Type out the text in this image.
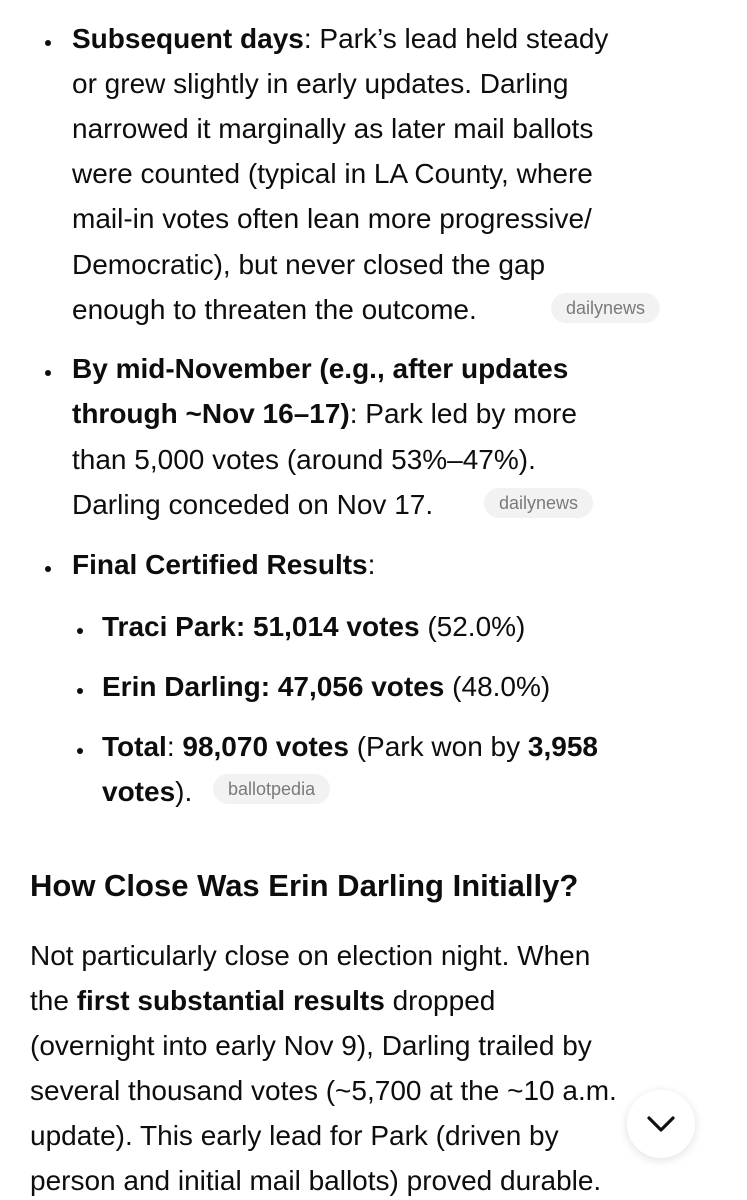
Subsequent days: Park’s lead held steady
or grew slightly in early updates. Darling
narrowed it marginally as later mail ballots
were counted (typical in LA County, where
mail-in votes often lean more progressive/
Democratic), but never closed the gap
enough to threaten the outcome.	dailynews
By mid-November (e.g., after updates
through ~Nov 16–17): Park led by more
than 5,000 votes (around 53%–47%).
Darling conceded on Nov 17.	dailynews
Final Certified Results:
Traci Park: 51,014 votes (52.0%)
Erin Darling: 47,056 votes (48.0%)
Total: 98,070 votes (Park won by 3,958
votes).	ballotpedia
How Close Was Erin Darling Initially?
Not particularly close on election night. When
the first substantial results dropped
(overnight into early Nov 9), Darling trailed by
several thousand votes (~5,700 at the ~10 a.m.
update). This early lead for Park (driven by
person and initial mail ballots) proved durable.
